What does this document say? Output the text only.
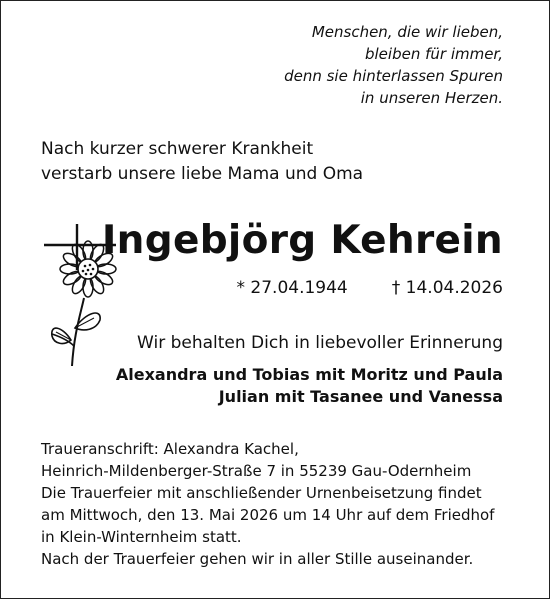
Menschen, die wir lieben,
bleiben für immer,
denn sie hinterlassen Spuren
in unseren Herzen.
Nach kurzer schwerer Krankheit
verstarb unsere liebe Mama und Oma
Ingebjörg Kehrein
* 27.04.1944	† 14.04.2026
Wir behalten Dich in liebevoller Erinnerung
Alexandra und Tobias mit Moritz und Paula
Julian mit Tasanee und Vanessa
Traueranschrift: Alexandra Kachel,
Heinrich-Mildenberger-Straße 7 in 55239 Gau-Odernheim
Die Trauerfeier mit anschließender Urnenbeisetzung findet
am Mittwoch, den 13. Mai 2026 um 14 Uhr auf dem Friedhof
in Klein-Winternheim statt.
Nach der Trauerfeier gehen wir in aller Stille auseinander.
